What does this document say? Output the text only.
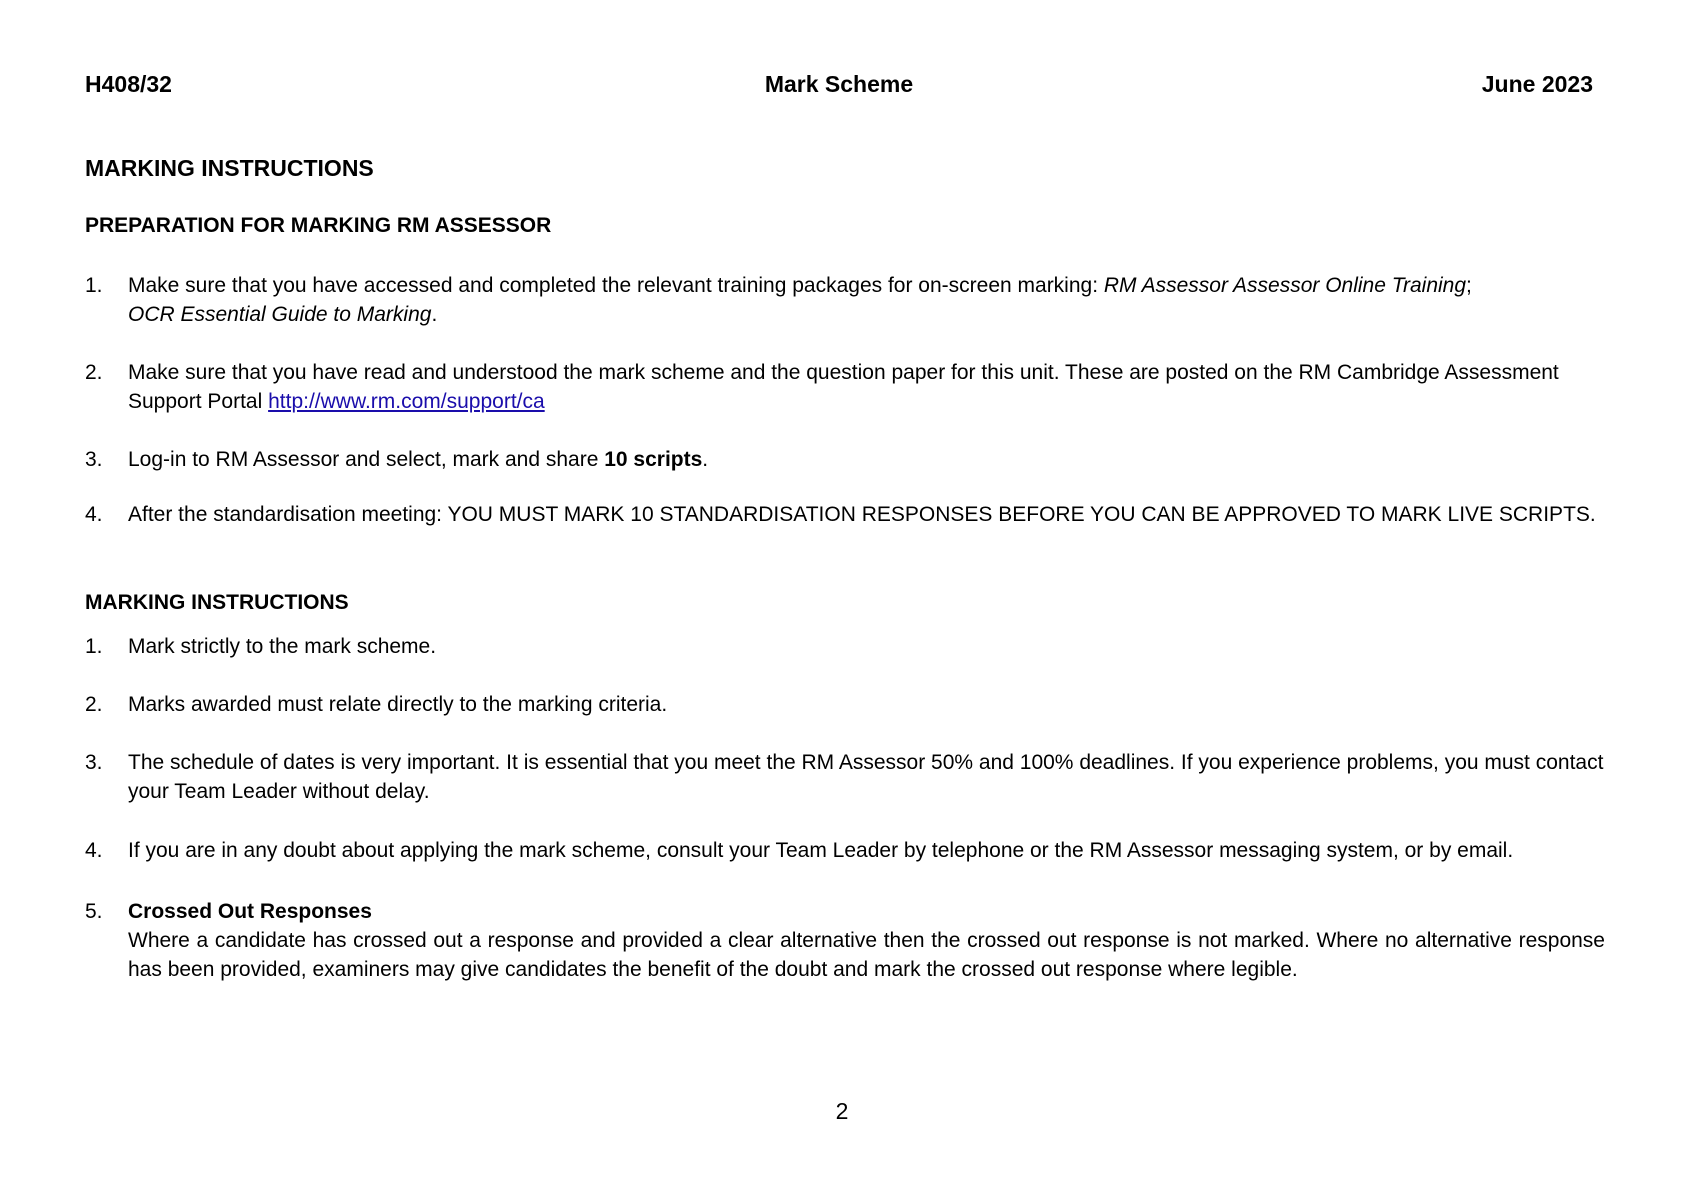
Mark Scheme
H408/32	June 2023
MARKING INSTRUCTIONS
PREPARATION FOR MARKING RM ASSESSOR
1. Make sure that you have accessed and completed the relevant training packages for on-screen marking: RM Assessor Assessor Online Training;
OCR Essential Guide to Marking.
2. Make sure that you have read and understood the mark scheme and the question paper for this unit. These are posted on the RM Cambridge Assessment Support Portal http://www.rm.com/support/ca
3. Log-in to RM Assessor and select, mark and share 10 scripts.
4. After the standardisation meeting: YOU MUST MARK 10 STANDARDISATION RESPONSES BEFORE YOU CAN BE APPROVED TO MARK LIVE SCRIPTS.
MARKING INSTRUCTIONS
1. Mark strictly to the mark scheme.
2. Marks awarded must relate directly to the marking criteria.
3. The schedule of dates is very important. It is essential that you meet the RM Assessor 50% and 100% deadlines. If you experience problems, you must contact your Team Leader without delay.
4. If you are in any doubt about applying the mark scheme, consult your Team Leader by telephone or the RM Assessor messaging system, or by email.
5. Crossed Out Responses
Where a candidate has crossed out a response and provided a clear alternative then the crossed out response is not marked. Where no alternative response has been provided, examiners may give candidates the benefit of the doubt and mark the crossed out response where legible.
2
